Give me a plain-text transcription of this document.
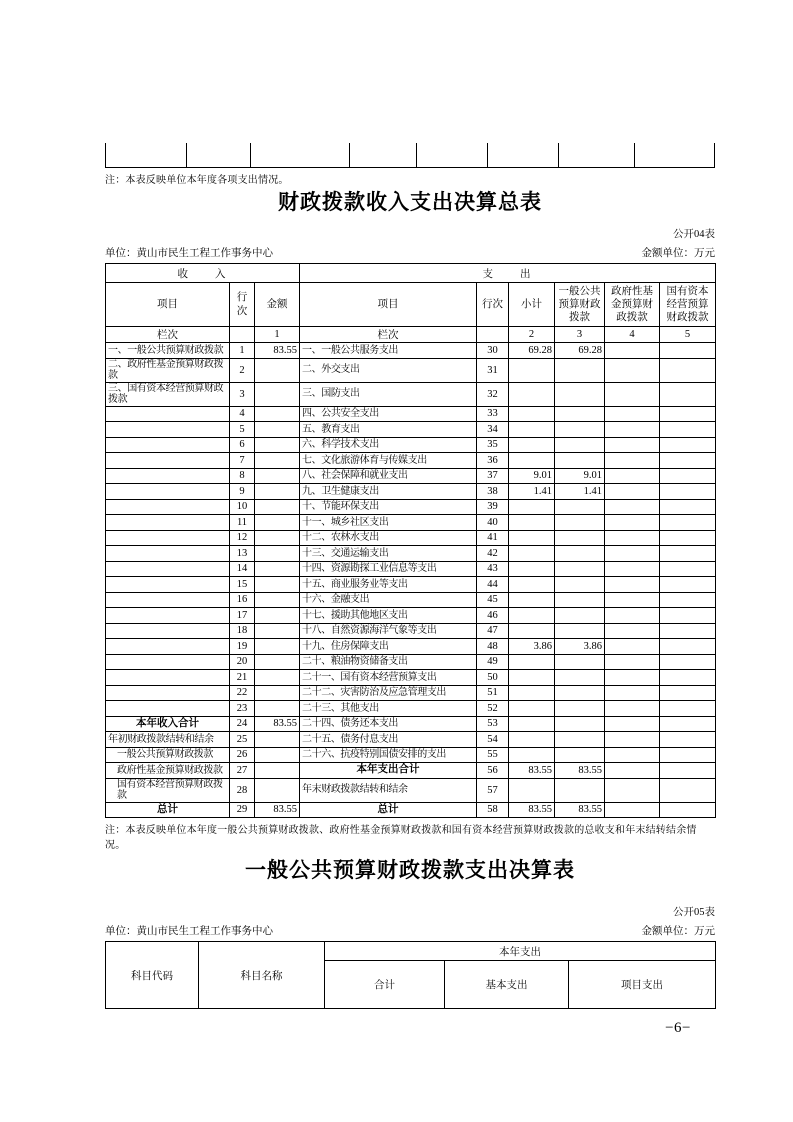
注：本表反映单位本年度各项支出情况。
财政拨款收入支出决算总表
公开04表
单位：黄山市民生工程工作事务中心	金额单位：万元
收　　入			支　　出					
项目	行次	金额	项目	行次	小计	一般公共预算财政拨款	政府性基金预算财政拨款	国有资本经营预算财政拨款
栏次		1	栏次		2	3	4	5
一、一般公共预算财政拨款	1	83.55	一、一般公共服务支出	30	69.28	69.28		
二、政府性基金预算财政拨款	2		二、外交支出	31				
三、国有资本经营预算财政拨款	3		三、国防支出	32				
	4		四、公共安全支出	33				
	5		五、教育支出	34				
	6		六、科学技术支出	35				
	7		七、文化旅游体育与传媒支出	36				
	8		八、社会保障和就业支出	37	9.01	9.01		
	9		九、卫生健康支出	38	1.41	1.41		
	10		十、节能环保支出	39				
	11		十一、城乡社区支出	40				
	12		十二、农林水支出	41				
	13		十三、交通运输支出	42				
	14		十四、资源勘探工业信息等支出	43				
	15		十五、商业服务业等支出	44				
	16		十六、金融支出	45				
	17		十七、援助其他地区支出	46				
	18		十八、自然资源海洋气象等支出	47				
	19		十九、住房保障支出	48	3.86	3.86		
	20		二十、粮油物资储备支出	49				
	21		二十一、国有资本经营预算支出	50				
	22		二十二、灾害防治及应急管理支出	51				
	23		二十三、其他支出	52				
本年收入合计	24	83.55	二十四、债务还本支出	53				
年初财政拨款结转和结余	25		二十五、债务付息支出	54				
一般公共预算财政拨款	26		二十六、抗疫特别国债安排的支出	55				
政府性基金预算财政拨款	27		本年支出合计	56	83.55	83.55		
国有资本经营预算财政拨款	28		年末财政拨款结转和结余	57				
总计	29	83.55	总计	58	83.55	83.55		
注：本表反映单位本年度一般公共预算财政拨款、政府性基金预算财政拨款和国有资本经营预算财政拨款的总收支和年末结转结余情况。
一般公共预算财政拨款支出决算表
公开05表
单位：黄山市民生工程工作事务中心	金额单位：万元
科目代码	科目名称	本年支出		
		合计	基本支出	项目支出
−6−
